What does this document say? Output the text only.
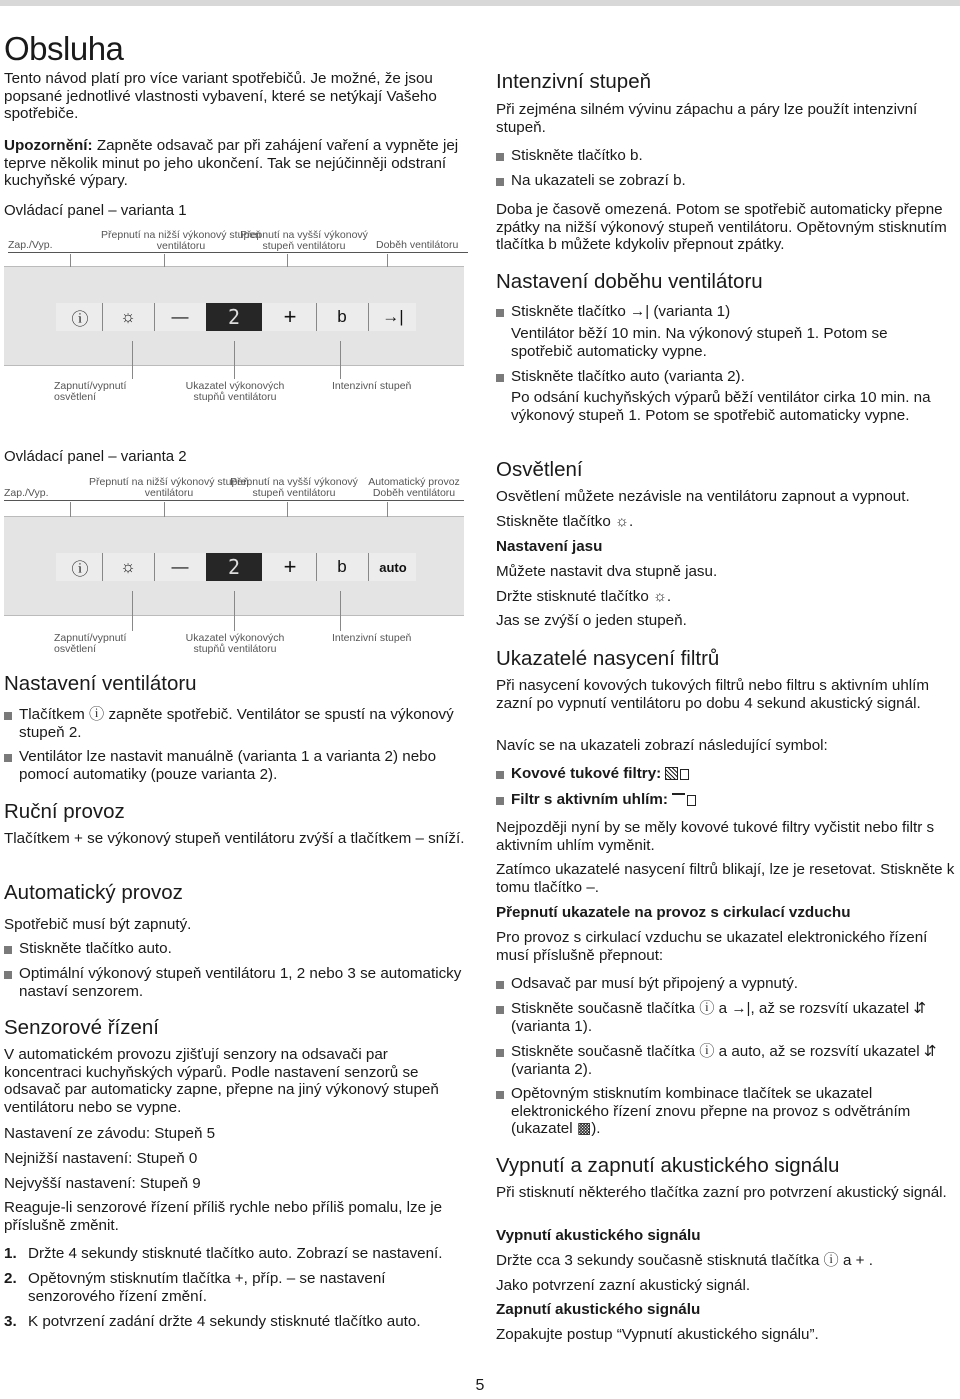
Obsluha

Tento návod platí pro více variant spotřebičů. Je možné, že jsou popsané jednotlivé vlastnosti vybavení, které se netýkají Vašeho spotřebiče.

Upozornění: Zapněte odsavač par při zahájení vaření a vypněte jej teprve několik minut po jeho ukončení. Tak se nejúčinněji odstraní kuchyňské výpary.

Ovládací panel – varianta 1
Zap./Vyp.
Přepnutí na nižší výkonový stupeň ventilátoru
Přepnutí na vyšší výkonový stupeň ventilátoru	Doběh ventilátoru
ⓘ	☼	—	2	+	b	→|
Zapnutí/vypnutí osvětlení
Ukazatel výkonových stupňů ventilátoru
Intenzivní stupeň
Ovládací panel – varianta 2
Zap./Vyp.
Přepnutí na nižší výkonový stupeň ventilátoru
Přepnutí na vyšší výkonový stupeň ventilátoru
Automatický provoz Doběh ventilátoru
ⓘ	☼	—	2	+	b	auto
Zapnutí/vypnutí osvětlení
Ukazatel výkonových stupňů ventilátoru
Intenzivní stupeň
Nastavení ventilátoru
Tlačítkem ⓘ zapněte spotřebič. Ventilátor se spustí na výkonový stupeň 2.
Ventilátor lze nastavit manuálně (varianta 1 a varianta 2) nebo pomocí automatiky (pouze varianta 2).
Ruční provoz

Tlačítkem + se výkonový stupeň ventilátoru zvýší a tlačítkem – sníží.

Automatický provoz

Spotřebič musí být zapnutý.

Stiskněte tlačítko auto.
Optimální výkonový stupeň ventilátoru 1, 2 nebo 3 se automaticky nastaví senzorem.
Senzorové řízení

V automatickém provozu zjišťují senzory na odsavači par koncentraci kuchyňských výparů. Podle nastavení senzorů se odsavač par automaticky zapne, přepne na jiný výkonový stupeň ventilátoru nebo se vypne.

Nastavení ze závodu: Stupeň 5

Nejnižší nastavení: Stupeň 0

Nejvyšší nastavení: Stupeň 9

Reaguje-li senzorové řízení příliš rychle nebo příliš pomalu, lze je příslušně změnit.

1. Držte 4 sekundy stisknuté tlačítko auto. Zobrazí se nastavení.
2. Opětovným stisknutím tlačítka +, příp. – se nastavení senzorového řízení změní.
3. K potvrzení zadání držte 4 sekundy stisknuté tlačítko auto.
Intenzivní stupeň

Při zejména silném vývinu zápachu a páry lze použít intenzivní stupeň.

Stiskněte tlačítko b.
Na ukazateli se zobrazí b.

Doba je časově omezená. Potom se spotřebič automaticky přepne zpátky na nižší výkonový stupeň ventilátoru. Opětovným stisknutím tlačítka b můžete kdykoliv přepnout zpátky.

Nastavení doběhu ventilátoru
Stiskněte tlačítko →| (varianta 1)

Ventilátor běží 10 min. Na výkonový stupeň 1. Potom se spotřebič automaticky vypne.

Stiskněte tlačítko auto (varianta 2).

Po odsání kuchyňských výparů běží ventilátor cirka 10 min. na výkonový stupeň 1. Potom se spotřebič automaticky vypne.

Osvětlení

Osvětlení můžete nezávisle na ventilátoru zapnout a vypnout.

Stiskněte tlačítko ☼.

Nastavení jasu

Můžete nastavit dva stupně jasu.

Držte stisknuté tlačítko ☼.

Jas se zvýší o jeden stupeň.

Ukazatelé nasycení filtrů

Při nasycení kovových tukových filtrů nebo filtru s aktivním uhlím zazní po vypnutí ventilátoru po dobu 4 sekund akustický signál.

Navíc se na ukazateli zobrazí následující symbol:

Kovové tukové filtry:
Filtr s aktivním uhlím:

Nejpozději nyní by se měly kovové tukové filtry vyčistit nebo filtr s aktivním uhlím vyměnit.

Zatímco ukazatelé nasycení filtrů blikají, lze je resetovat. Stiskněte k tomu tlačítko –.

Přepnutí ukazatele na provoz s cirkulací vzduchu

Pro provoz s cirkulací vzduchu se ukazatel elektronického řízení musí příslušně přepnout:

Odsavač par musí být připojený a vypnutý.
Stiskněte současně tlačítka ⓘ a →|, až se rozsvítí ukazatel ⇵ (varianta 1).
Stiskněte současně tlačítka ⓘ a auto, až se rozsvítí ukazatel ⇵ (varianta 2).
Opětovným stisknutím kombinace tlačítek se ukazatel elektronického řízení znovu přepne na provoz s odvětráním (ukazatel ▩).
Vypnutí a zapnutí akustického signálu

Při stisknutí některého tlačítka zazní pro potvrzení akustický signál.

Vypnutí akustického signálu

Držte cca 3 sekundy současně stisknutá tlačítka ⓘ a + .

Jako potvrzení zazní akustický signál.

Zapnutí akustického signálu

Zopakujte postup “Vypnutí akustického signálu”.

5
